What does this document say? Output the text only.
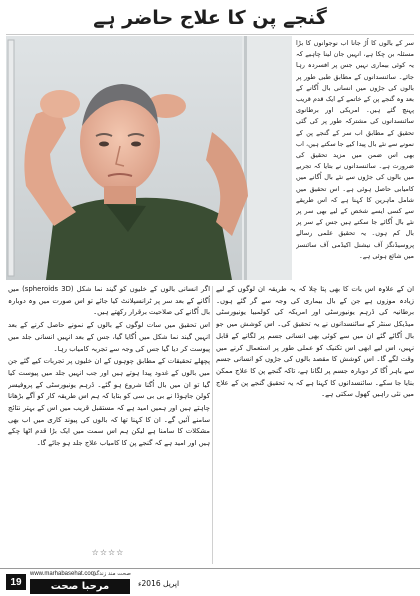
گنجے پن کا علاج حاضر ہے

سر کے بالوں کا اُڑ جانا اب نوجوانوں کا بڑا مسئلہ بن چکا ہے، انہیں جان لینا چاہیے کہ یہ کوئی بیماری نہیں جس پر افسردہ رہا جائے۔ سائنسدانوں کے مطابق طبی طور پر بالوں کی جڑوں میں انسانی بال اُگانے کے بعد وہ گنجے پن کے خاتمے کے ایک قدم قریب پہنچ گئے ہیں۔ امریکی اور برطانوی سائنسدانوں کی مشترکہ طور پر کی گئی تحقیق کے مطابق اب سر کے گنجے پن کے نمونے سے نئے بال پیدا کیے جا سکتے ہیں، اب بھی اس ضمن میں مزید تحقیق کی ضرورت ہے۔ سائنسدانوں نے بتایا کہ تجربے میں بالوں کی جڑوں سے نئے بال اُگانے میں کامیابی حاصل ہوئی ہے۔ اس تحقیق میں شامل ماہرین کا کہنا ہے کہ اس طریقے سے کسی ایسے شخص کے لیے بھی سر پر نئے بال اُگائے جا سکتے ہیں جس کے سر پر بال کم ہوں۔ یہ تحقیق علمی رسالے پروسیڈنگز آف نیشنل اکیڈمی آف سائنسز میں شائع ہوئی ہے۔

ان کے علاوہ اس بات کا بھی پتا چلا کہ یہ طریقہ ان لوگوں کے لیے زیادہ موزوں ہے جن کے بال بیماری کی وجہ سے گر گئے ہوں۔ برطانیہ کی ڈرہم یونیورسٹی اور امریکہ کی کولمبیا یونیورسٹی میڈیکل سنٹر کے سائنسدانوں نے یہ تحقیق کی۔ اس کوشش میں جو بال اُگائے گئے ان میں سے کوئی بھی انسانی جسم پر لگانے کے قابل نہیں، اس لیے ابھی اس تکنیک کو عملی طور پر استعمال کرنے میں وقت لگے گا۔ اس کوشش کا مقصد بالوں کی جڑوں کو انسانی جسم سے باہر اُگا کر دوبارہ جسم پر لگانا ہے، تاکہ گنجے پن کا علاج ممکن بنایا جا سکے۔ سائنسدانوں کا کہنا ہے کہ یہ تحقیق گنجے پن کے علاج میں نئی راہیں کھول سکتی ہے۔

اگر انسانی بالوں کے خلیوں کو گیند نما شکل (spheroids 3D) میں اُگانے کے بعد سر پر ٹرانسپلانٹ کیا جائے تو اس صورت میں وہ دوبارہ بال اُگانے کی صلاحیت برقرار رکھتے ہیں۔

اس تحقیق میں سات لوگوں کے بالوں کے نمونے حاصل کرنے کے بعد انہیں گیند نما شکل میں اُگایا گیا، جس کے بعد انہیں انسانی جلد میں پیوست کر دیا گیا جس کی وجہ سے تجربہ کامیاب رہا۔

پچھلے تحقیقات کے مطابق چوہوں کے ان خلیوں پر تجربات کیے گئے جن میں بالوں کے غدود پیدا ہوتے ہیں اور جب انہیں جلد میں پیوست کیا گیا تو ان میں بال اُگنا شروع ہو گئے۔ ڈرہم یونیورسٹی کے پروفیسر کولن جاہوڈا نے بی بی سی کو بتایا کہ ہم اس طریقہ کار کو آگے بڑھانا چاہتے ہیں اور ہمیں امید ہے کہ مستقبل قریب میں اس کے بہتر نتائج سامنے آئیں گے۔ ان کا کہنا تھا کہ بالوں کی پیوند کاری میں اب بھی مشکلات کا سامنا ہے لیکن ہم اس سمت میں ایک بڑا قدم اٹھا چکے ہیں اور امید ہے کہ گنجے پن کا کامیاب علاج جلد ہو جائے گا۔

☆☆☆☆
19
www.marhabasehat.com
صحت مند زندگی
مرحبا صحت	اپریل 2016ء
